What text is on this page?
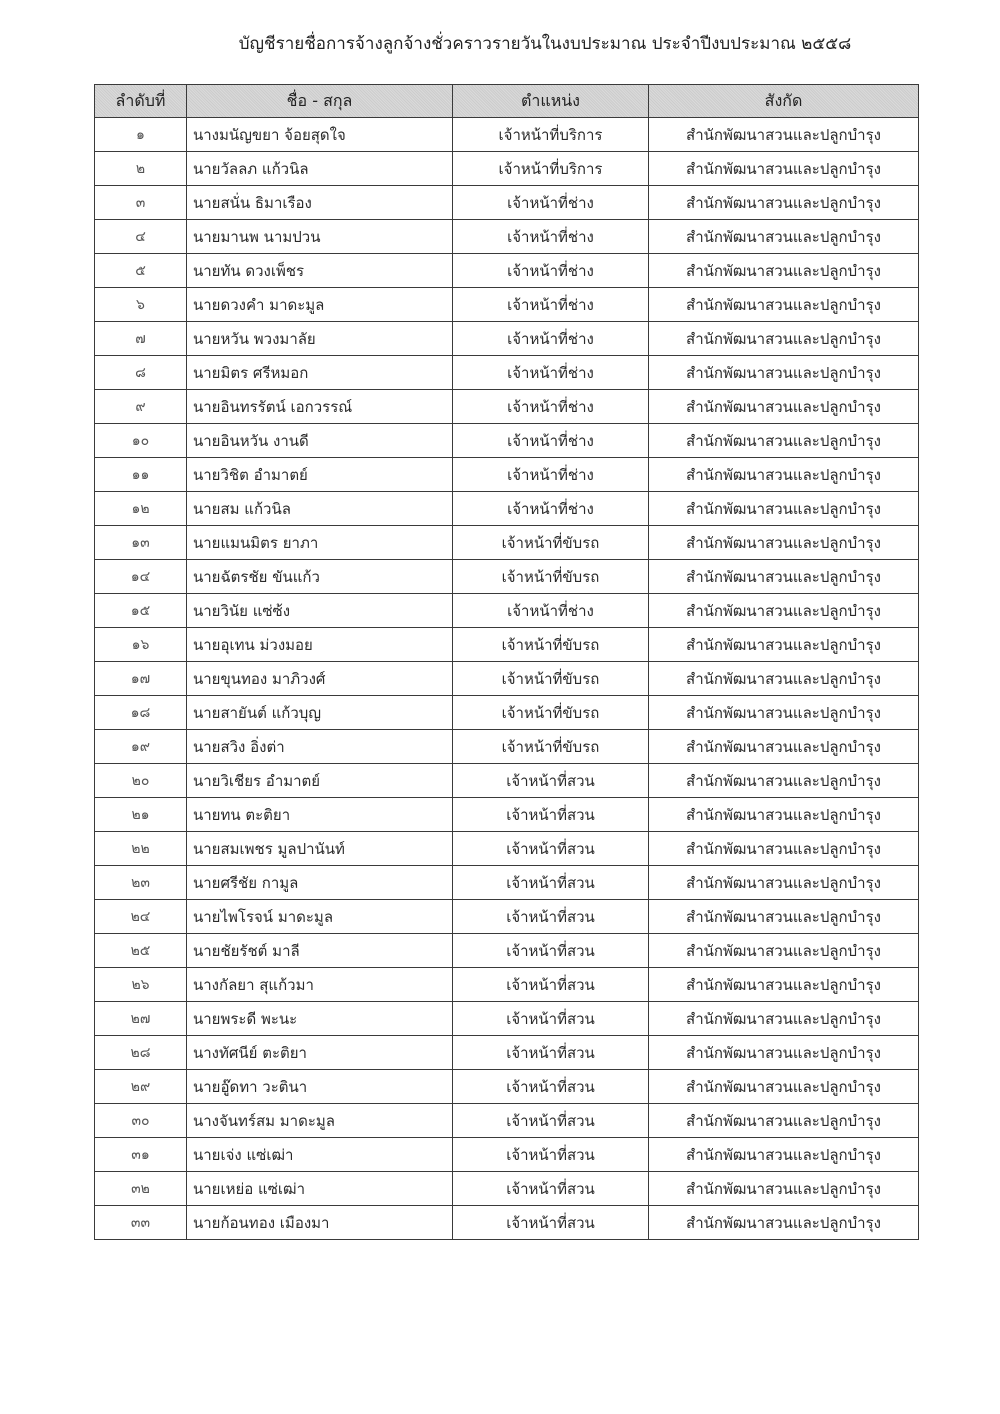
บัญชีรายชื่อการจ้างลูกจ้างชั่วคราวรายวันในงบประมาณ ประจำปีงบประมาณ ๒๕๕๘
ลำดับที่	ชื่อ - สกุล	ตำแหน่ง	สังกัด
๑	นางมนัญขยา จ้อยสุดใจ	เจ้าหน้าที่บริการ	สำนักพัฒนาสวนและปลูกบำรุง
๒	นายวัลลภ แก้วนิล	เจ้าหน้าที่บริการ	สำนักพัฒนาสวนและปลูกบำรุง
๓	นายสนั่น ธิมาเรือง	เจ้าหน้าที่ช่าง	สำนักพัฒนาสวนและปลูกบำรุง
๔	นายมานพ นามปวน	เจ้าหน้าที่ช่าง	สำนักพัฒนาสวนและปลูกบำรุง
๕	นายทัน ดวงเพ็ชร	เจ้าหน้าที่ช่าง	สำนักพัฒนาสวนและปลูกบำรุง
๖	นายดวงคำ มาดะมูล	เจ้าหน้าที่ช่าง	สำนักพัฒนาสวนและปลูกบำรุง
๗	นายหวัน พวงมาลัย	เจ้าหน้าที่ช่าง	สำนักพัฒนาสวนและปลูกบำรุง
๘	นายมิตร ศรีหมอก	เจ้าหน้าที่ช่าง	สำนักพัฒนาสวนและปลูกบำรุง
๙	นายอินทรรัตน์ เอกวรรณ์	เจ้าหน้าที่ช่าง	สำนักพัฒนาสวนและปลูกบำรุง
๑๐	นายอินหวัน งานดี	เจ้าหน้าที่ช่าง	สำนักพัฒนาสวนและปลูกบำรุง
๑๑	นายวิชิต อำมาตย์	เจ้าหน้าที่ช่าง	สำนักพัฒนาสวนและปลูกบำรุง
๑๒	นายสม แก้วนิล	เจ้าหน้าที่ช่าง	สำนักพัฒนาสวนและปลูกบำรุง
๑๓	นายแมนมิตร ยาภา	เจ้าหน้าที่ขับรถ	สำนักพัฒนาสวนและปลูกบำรุง
๑๔	นายฉัตรชัย ขันแก้ว	เจ้าหน้าที่ขับรถ	สำนักพัฒนาสวนและปลูกบำรุง
๑๕	นายวินัย แซ่ซ้ง	เจ้าหน้าที่ช่าง	สำนักพัฒนาสวนและปลูกบำรุง
๑๖	นายอุเทน ม่วงมอย	เจ้าหน้าที่ขับรถ	สำนักพัฒนาสวนและปลูกบำรุง
๑๗	นายขุนทอง มาภิวงศ์	เจ้าหน้าที่ขับรถ	สำนักพัฒนาสวนและปลูกบำรุง
๑๘	นายสายันต์ แก้วบุญ	เจ้าหน้าที่ขับรถ	สำนักพัฒนาสวนและปลูกบำรุง
๑๙	นายสวิง อิ่งต่า	เจ้าหน้าที่ขับรถ	สำนักพัฒนาสวนและปลูกบำรุง
๒๐	นายวิเชียร อำมาตย์	เจ้าหน้าที่สวน	สำนักพัฒนาสวนและปลูกบำรุง
๒๑	นายทน ตะติยา	เจ้าหน้าที่สวน	สำนักพัฒนาสวนและปลูกบำรุง
๒๒	นายสมเพชร มูลปานันท์	เจ้าหน้าที่สวน	สำนักพัฒนาสวนและปลูกบำรุง
๒๓	นายศรีชัย กามูล	เจ้าหน้าที่สวน	สำนักพัฒนาสวนและปลูกบำรุง
๒๔	นายไพโรจน์ มาดะมูล	เจ้าหน้าที่สวน	สำนักพัฒนาสวนและปลูกบำรุง
๒๕	นายชัยรัชต์ มาลี	เจ้าหน้าที่สวน	สำนักพัฒนาสวนและปลูกบำรุง
๒๖	นางกัลยา สุแก้วมา	เจ้าหน้าที่สวน	สำนักพัฒนาสวนและปลูกบำรุง
๒๗	นายพระดี พะนะ	เจ้าหน้าที่สวน	สำนักพัฒนาสวนและปลูกบำรุง
๒๘	นางทัศนีย์ ตะติยา	เจ้าหน้าที่สวน	สำนักพัฒนาสวนและปลูกบำรุง
๒๙	นายอู๊ดทา วะตินา	เจ้าหน้าที่สวน	สำนักพัฒนาสวนและปลูกบำรุง
๓๐	นางจันทร์สม มาดะมูล	เจ้าหน้าที่สวน	สำนักพัฒนาสวนและปลูกบำรุง
๓๑	นายเจ่ง แซ่เฒ่า	เจ้าหน้าที่สวน	สำนักพัฒนาสวนและปลูกบำรุง
๓๒	นายเหย่อ แซ่เฒ่า	เจ้าหน้าที่สวน	สำนักพัฒนาสวนและปลูกบำรุง
๓๓	นายก้อนทอง เมืองมา	เจ้าหน้าที่สวน	สำนักพัฒนาสวนและปลูกบำรุง
